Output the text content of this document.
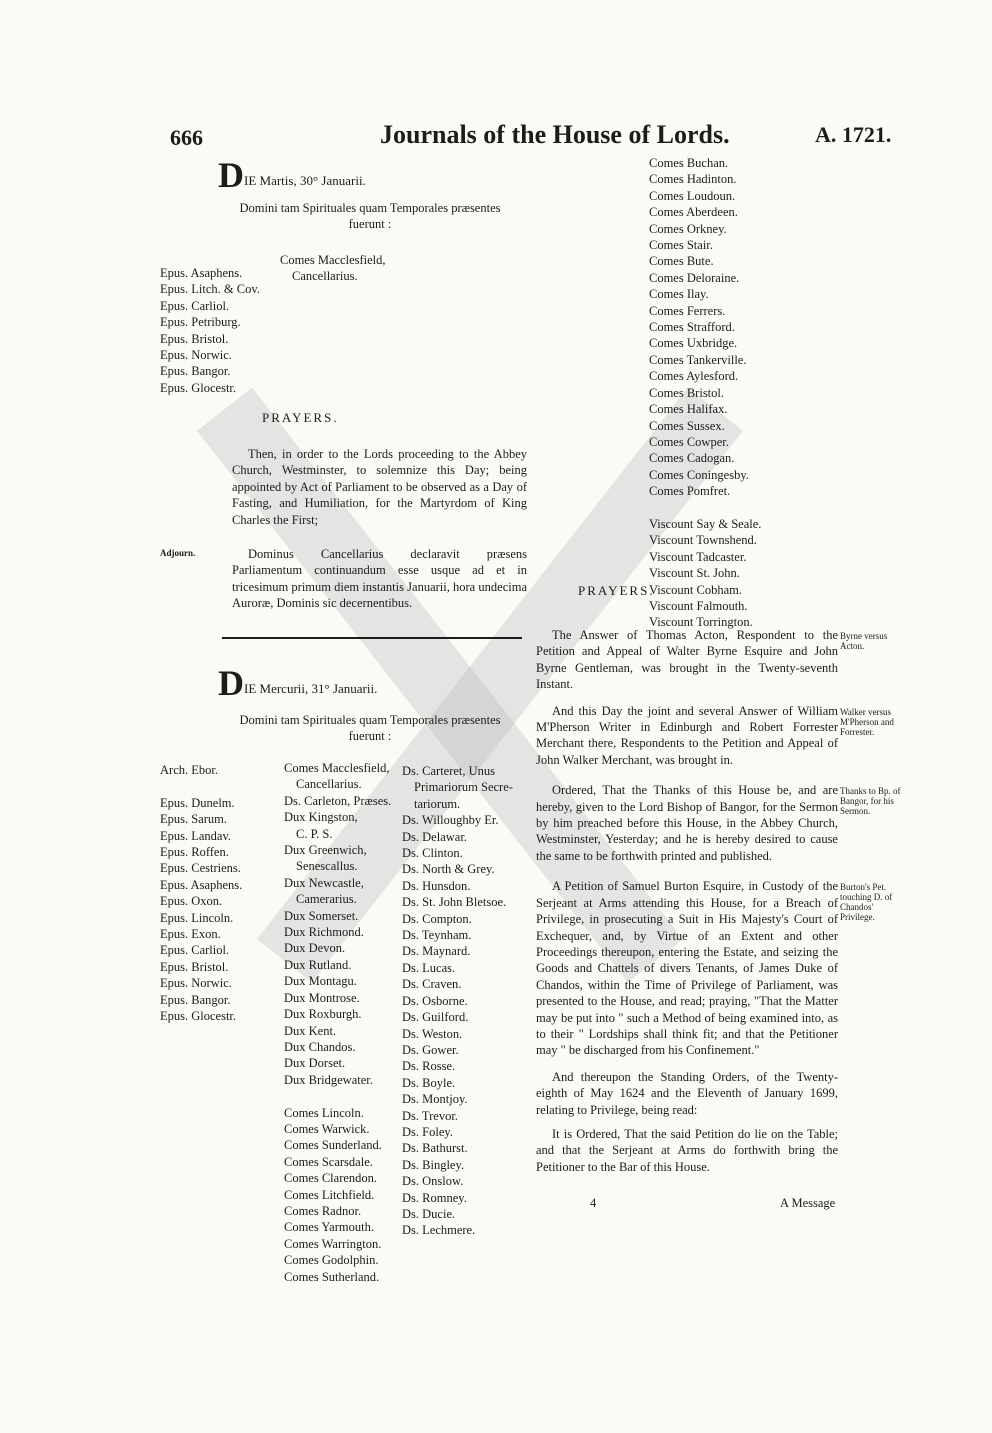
666	Journals of the House of Lords.	A. 1721.
DIE Martis, 30° Januarii.
Domini tam Spirituales quam Temporales præsentes
fuerunt :
Comes Macclesfield,
Cancellarius.
Epus. Asaphens.
Epus. Litch. & Cov.
Epus. Carliol.
Epus. Petriburg.
Epus. Bristol.
Epus. Norwic.
Epus. Bangor.
Epus. Glocestr.
PRAYERS.
Then, in order to the Lords proceeding to the Abbey Church, Westminster, to solemnize this Day; being appointed by Act of Parliament to be observed as a Day of Fasting, and Humiliation, for the Martyrdom of King Charles the First;
Adjourn.	Dominus Cancellarius declaravit præsens Parliamentum continuandum esse usque ad et in tricesimum primum diem instantis Januarii, hora undecima Auroræ, Dominis sic decernentibus.
DIE Mercurii, 31° Januarii.
Domini tam Spirituales quam Temporales præsentes
fuerunt :
Arch. Ebor.

Epus. Dunelm.
Epus. Sarum.
Epus. Landav.
Epus. Roffen.
Epus. Cestriens.
Epus. Asaphens.
Epus. Oxon.
Epus. Lincoln.
Epus. Exon.
Epus. Carliol.
Epus. Bristol.
Epus. Norwic.
Epus. Bangor.
Epus. Glocestr.
Comes Macclesfield,
Cancellarius.
Ds. Carleton, Præses.
Dux Kingston,
C. P. S.
Dux Greenwich,
Senescallus.
Dux Newcastle,
Camerarius.
Dux Somerset.
Dux Richmond.
Dux Devon.
Dux Rutland.
Dux Montagu.
Dux Montrose.
Dux Roxburgh.
Dux Kent.
Dux Chandos.
Dux Dorset.
Dux Bridgewater.

Comes Lincoln.
Comes Warwick.
Comes Sunderland.
Comes Scarsdale.
Comes Clarendon.
Comes Litchfield.
Comes Radnor.
Comes Yarmouth.
Comes Warrington.
Comes Godolphin.
Comes Sutherland.
Ds. Carteret, Unus
Primariorum Secre-
tariorum.
Ds. Willoughby Er.
Ds. Delawar.
Ds. Clinton.
Ds. North & Grey.
Ds. Hunsdon.
Ds. St. John Bletsoe.
Ds. Compton.
Ds. Teynham.
Ds. Maynard.
Ds. Lucas.
Ds. Craven.
Ds. Osborne.
Ds. Guilford.
Ds. Weston.
Ds. Gower.
Ds. Rosse.
Ds. Boyle.
Ds. Montjoy.
Ds. Trevor.
Ds. Foley.
Ds. Bathurst.
Ds. Bingley.
Ds. Onslow.
Ds. Romney.
Ds. Ducie.
Ds. Lechmere.
Comes Buchan.
Comes Hadinton.
Comes Loudoun.
Comes Aberdeen.
Comes Orkney.
Comes Stair.
Comes Bute.
Comes Deloraine.
Comes Ilay.
Comes Ferrers.
Comes Strafford.
Comes Uxbridge.
Comes Tankerville.
Comes Aylesford.
Comes Bristol.
Comes Halifax.
Comes Sussex.
Comes Cowper.
Comes Cadogan.
Comes Coningesby.
Comes Pomfret.

Viscount Say & Seale.
Viscount Townshend.
Viscount Tadcaster.
Viscount St. John.
Viscount Cobham.
Viscount Falmouth.
Viscount Torrington.
PRAYERS.
The Answer of Thomas Acton, Respondent to the Petition and Appeal of Walter Byrne Esquire and John Byrne Gentleman, was brought in the Twenty-seventh Instant.
Byrne versus Acton.
And this Day the joint and several Answer of William M'Pherson Writer in Edinburgh and Robert Forrester Merchant there, Respondents to the Petition and Appeal of John Walker Merchant, was brought in.
Walker versus M'Pherson and Forrester.
Ordered, That the Thanks of this House be, and are hereby, given to the Lord Bishop of Bangor, for the Sermon by him preached before this House, in the Abbey Church, Westminster, Yesterday; and he is hereby desired to cause the same to be forthwith printed and published.
Thanks to Bp. of Bangor, for his Sermon.
A Petition of Samuel Burton Esquire, in Custody of the Serjeant at Arms attending this House, for a Breach of Privilege, in prosecuting a Suit in His Majesty's Court of Exchequer, and, by Virtue of an Extent and other Proceedings thereupon, entering the Estate, and seizing the Goods and Chattels of divers Tenants, of James Duke of Chandos, within the Time of Privilege of Parliament, was presented to the House, and read; praying, "That the Matter may be put into " such a Method of being examined into, as to their " Lordships shall think fit; and that the Petitioner may " be discharged from his Confinement."
Burton's Pet. touching D. of Chandos' Privilege.
And thereupon the Standing Orders, of the Twenty-eighth of May 1624 and the Eleventh of January 1699, relating to Privilege, being read:
It is Ordered, That the said Petition do lie on the Table; and that the Serjeant at Arms do forthwith bring the Petitioner to the Bar of this House.
4	A Message
